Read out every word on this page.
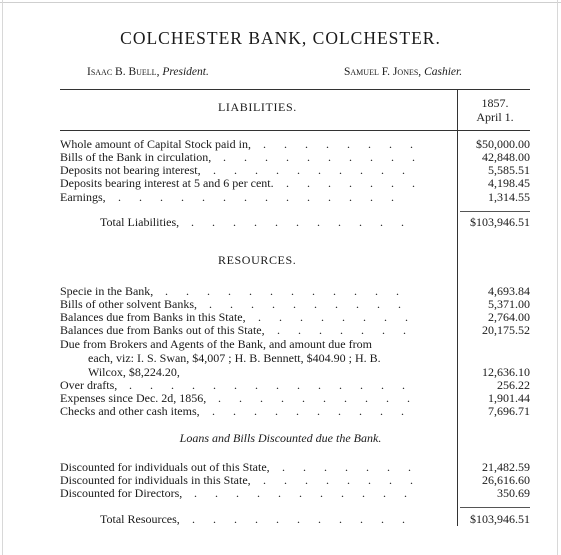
COLCHESTER BANK, COLCHESTER.
Isaac B. Buell, President.	Samuel F. Jones, Cashier.
LIABILITIES.	1857.
April 1.
Whole amount of Capital Stock paid in, ........	$50,000.00
Bills of the Bank in circulation, ..........	42,848.00
Deposits not bearing interest, ..........	5,585.51
Deposits bearing interest at 5 and 6 per cent. .......	4,198.45
Earnings, ..............	1,314.55
Total Liabilities, ...........	$103,946.51
RESOURCES.
Specie in the Bank, ............	4,693.84
Bills of other solvent Banks, ..........	5,371.00
Balances due from Banks in this State, ........	2,764.00
Balances due from Banks out of this State, .......	20,175.52
Due from Brokers and Agents of the Bank, and amount due from
each, viz: I. S. Swan, $4,007 ; H. B. Bennett, $404.90 ; H. B.
Wilcox, $8,224.20,	12,636.10
Over drafts, ..............	256.22
Expenses since Dec. 2d, 1856, ..........	1,901.44
Checks and other cash items, ..........	7,696.71
Loans and Bills Discounted due the Bank.
Discounted for individuals out of this State, .......	21,482.59
Discounted for individuals in this State, ........	26,616.60
Discounted for Directors, ...........	350.69
Total Resources, ...........	$103,946.51
